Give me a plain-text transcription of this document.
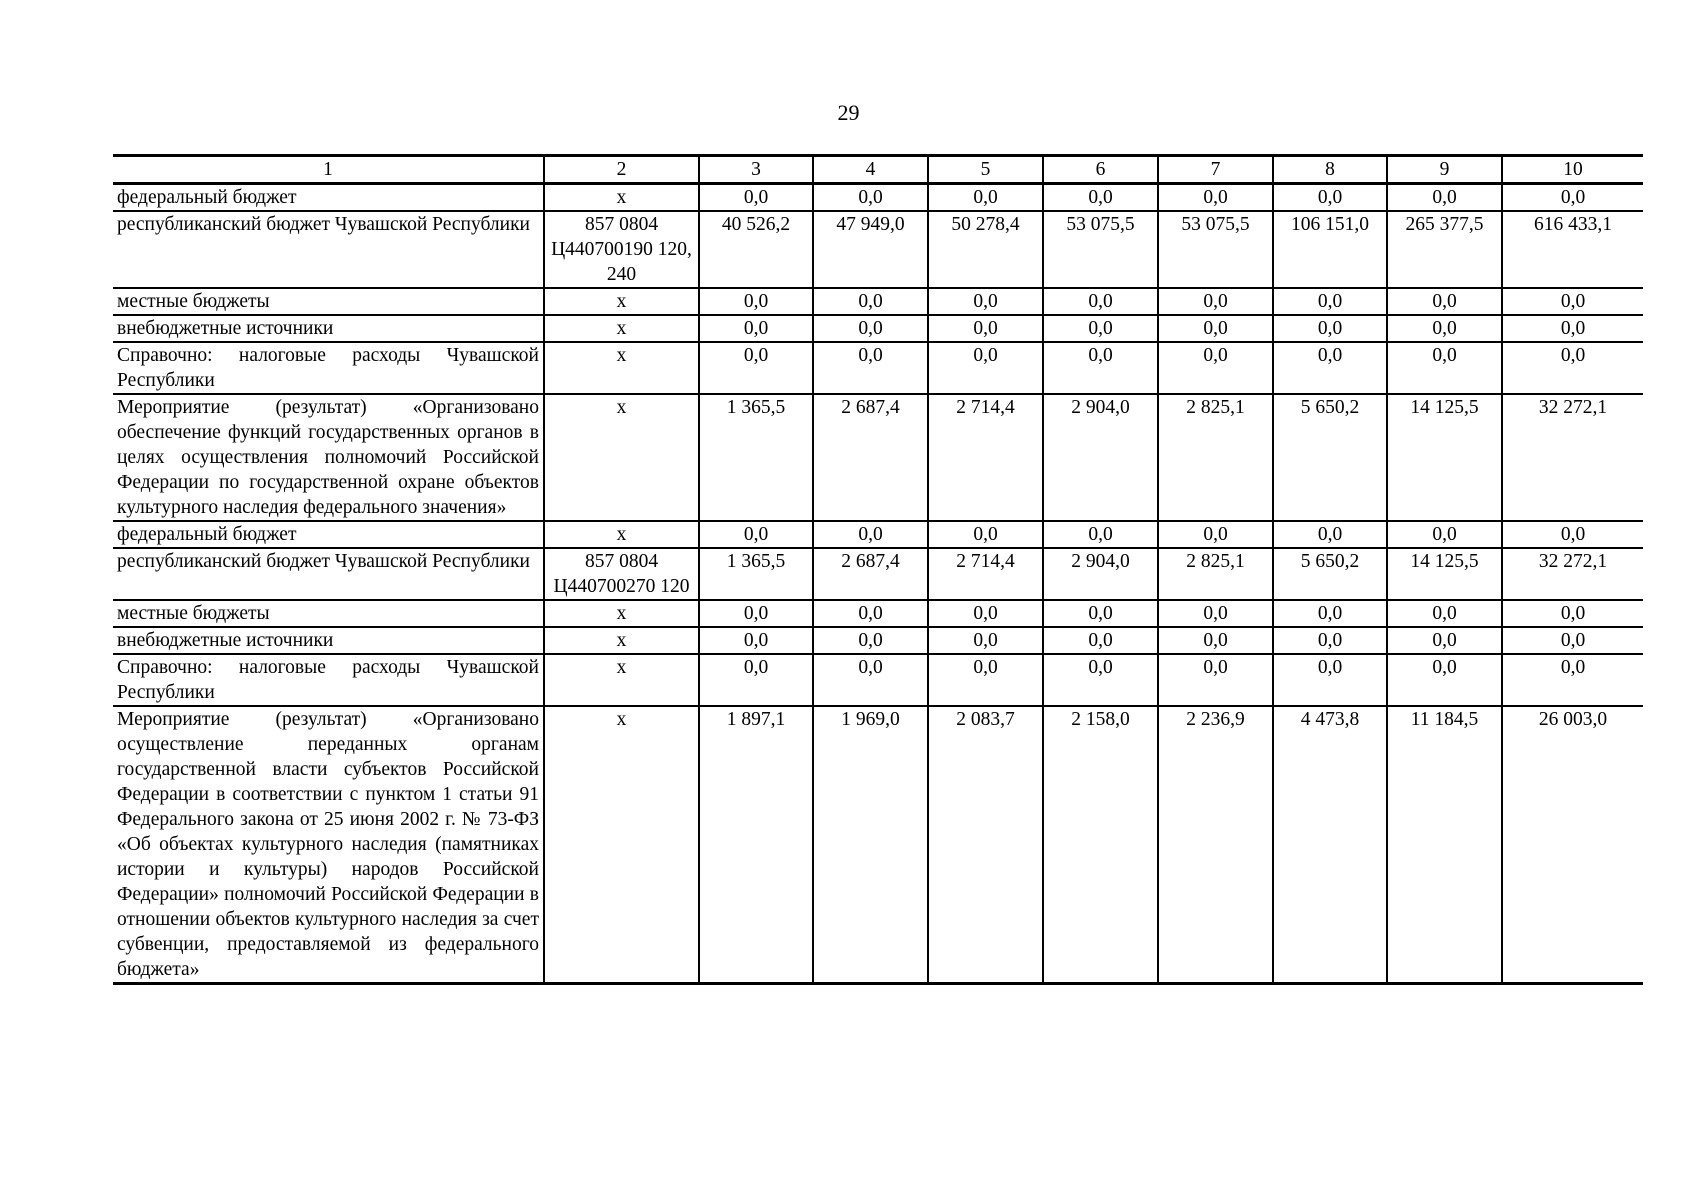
29
1	2	3	4	5	6	7	8	9	10
федеральный бюджет	х	0,0	0,0	0,0	0,0	0,0	0,0	0,0	0,0
республиканский бюджет Чувашской Республики	857 0804 Ц440700190 120, 240	40 526,2	47 949,0	50 278,4	53 075,5	53 075,5	106 151,0	265 377,5	616 433,1
местные бюджеты	х	0,0	0,0	0,0	0,0	0,0	0,0	0,0	0,0
внебюджетные источники	х	0,0	0,0	0,0	0,0	0,0	0,0	0,0	0,0
Справочно: налоговые расходы Чувашской Республики	х	0,0	0,0	0,0	0,0	0,0	0,0	0,0	0,0
Мероприятие (результат) «Организовано обеспечение функций государственных органов в целях осуществления полномочий Российской Федерации по государственной охране объектов культурного наследия федерального значения»	х	1 365,5	2 687,4	2 714,4	2 904,0	2 825,1	5 650,2	14 125,5	32 272,1
федеральный бюджет	х	0,0	0,0	0,0	0,0	0,0	0,0	0,0	0,0
республиканский бюджет Чувашской Республики	857 0804 Ц440700270 120	1 365,5	2 687,4	2 714,4	2 904,0	2 825,1	5 650,2	14 125,5	32 272,1
местные бюджеты	х	0,0	0,0	0,0	0,0	0,0	0,0	0,0	0,0
внебюджетные источники	х	0,0	0,0	0,0	0,0	0,0	0,0	0,0	0,0
Справочно: налоговые расходы Чувашской Республики	х	0,0	0,0	0,0	0,0	0,0	0,0	0,0	0,0
Мероприятие (результат) «Организовано осуществление переданных органам государственной власти субъектов Российской Федерации в соответствии с пунктом 1 статьи 91 Федерального закона от 25 июня 2002 г. № 73-ФЗ «Об объектах культурного наследия (памятниках истории и культуры) народов Российской Федерации» полномочий Российской Федерации в отношении объектов культурного наследия за счет субвенции, предоставляемой из федерального бюджета»	х	1 897,1	1 969,0	2 083,7	2 158,0	2 236,9	4 473,8	11 184,5	26 003,0
